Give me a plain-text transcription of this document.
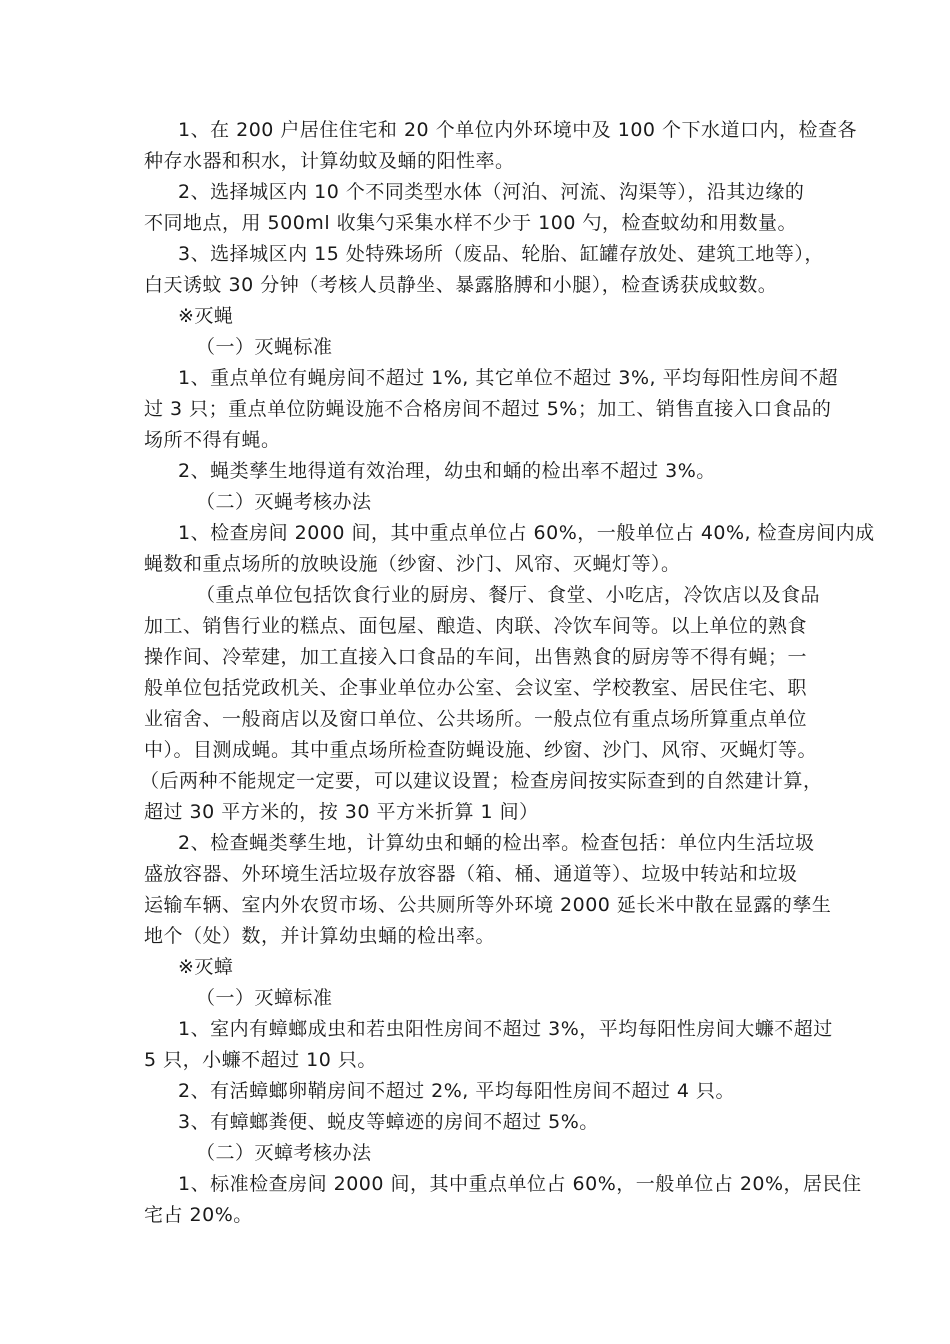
1、在 200 户居住住宅和 20 个单位内外环境中及 100 个下水道口内，检查各
种存水器和积水，计算幼蚊及蛹的阳性率。
2、选择城区内 10 个不同类型水体（河泊、河流、沟渠等），沿其边缘的
不同地点，用 500ml 收集勺采集水样不少于 100 勺，检查蚊幼和用数量。
3、选择城区内 15 处特殊场所（废品、轮胎、缸罐存放处、建筑工地等），
白天诱蚊 30 分钟（考核人员静坐、暴露胳膊和小腿），检查诱获成蚊数。
※灭蝇
（一）灭蝇标准
1、重点单位有蝇房间不超过 1%, 其它单位不超过 3%, 平均每阳性房间不超
过 3 只；重点单位防蝇设施不合格房间不超过 5%；加工、销售直接入口食品的
场所不得有蝇。
2、蝇类孳生地得道有效治理，幼虫和蛹的检出率不超过 3%。
（二）灭蝇考核办法
1、检查房间 2000 间，其中重点单位占 60%，一般单位占 40%, 检查房间内成
蝇数和重点场所的放映设施（纱窗、沙门、风帘、灭蝇灯等）。
（重点单位包括饮食行业的厨房、餐厅、食堂、小吃店，冷饮店以及食品
加工、销售行业的糕点、面包屋、酿造、肉联、冷饮车间等。以上单位的熟食
操作间、冷荤建，加工直接入口食品的车间，出售熟食的厨房等不得有蝇；一
般单位包括党政机关、企事业单位办公室、会议室、学校教室、居民住宅、职
业宿舍、一般商店以及窗口单位、公共场所。一般点位有重点场所算重点单位
中）。目测成蝇。其中重点场所检查防蝇设施、纱窗、沙门、风帘、灭蝇灯等。
（后两种不能规定一定要，可以建议设置；检查房间按实际查到的自然建计算，
超过 30 平方米的，按 30 平方米折算 1 间）
2、检查蝇类孳生地，计算幼虫和蛹的检出率。检查包括：单位内生活垃圾
盛放容器、外环境生活垃圾存放容器（箱、桶、通道等）、垃圾中转站和垃圾
运输车辆、室内外农贸市场、公共厕所等外环境 2000 延长米中散在显露的孳生
地个（处）数，并计算幼虫蛹的检出率。
※灭蟑
（一）灭蟑标准
1、室内有蟑螂成虫和若虫阳性房间不超过 3%，平均每阳性房间大蠊不超过
5 只，小蠊不超过 10 只。
2、有活蟑螂卵鞘房间不超过 2%, 平均每阳性房间不超过 4 只。
3、有蟑螂粪便、蜕皮等蟑迹的房间不超过 5%。
（二）灭蟑考核办法
1、标准检查房间 2000 间，其中重点单位占 60%，一般单位占 20%，居民住
宅占 20%。
